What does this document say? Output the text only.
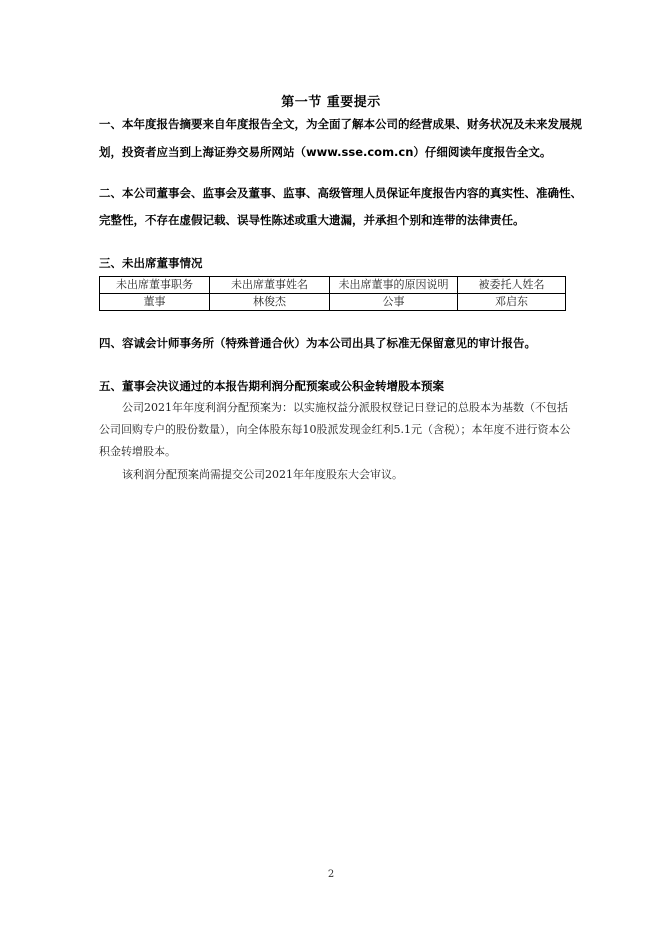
第一节 重要提示
一、本年度报告摘要来自年度报告全文，为全面了解本公司的经营成果、财务状况及未来发展规
划，投资者应当到上海证券交易所网站（www.sse.com.cn）仔细阅读年度报告全文。
二、本公司董事会、监事会及董事、监事、高级管理人员保证年度报告内容的真实性、准确性、
完整性，不存在虚假记载、误导性陈述或重大遗漏，并承担个别和连带的法律责任。
三、未出席董事情况
未出席董事职务	未出席董事姓名	未出席董事的原因说明	被委托人姓名
董事	林俊杰	公事	邓启东
四、容诚会计师事务所（特殊普通合伙）为本公司出具了标准无保留意见的审计报告。
五、董事会决议通过的本报告期利润分配预案或公积金转增股本预案
公司2021年年度利润分配预案为：以实施权益分派股权登记日登记的总股本为基数（不包括
公司回购专户的股份数量），向全体股东每10股派发现金红利5.1元（含税）；本年度不进行资本公
积金转增股本。
该利润分配预案尚需提交公司2021年年度股东大会审议。
2
